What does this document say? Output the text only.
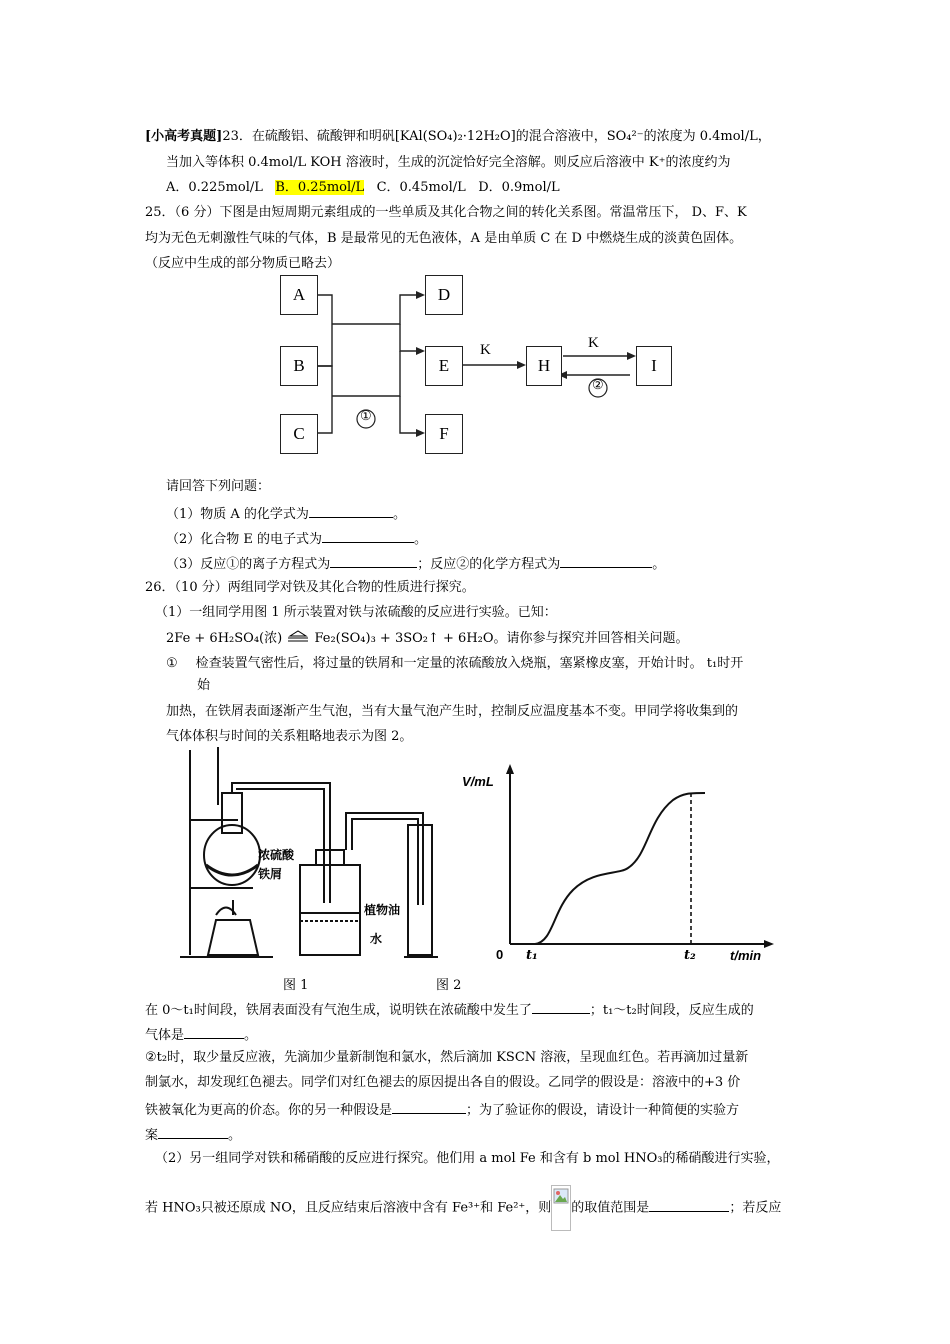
[小高考真题]23．在硫酸铝、硫酸钾和明矾[KAl(SO₄)₂·12H₂O]的混合溶液中，SO₄²⁻的浓度为 0.4mol/L，
当加入等体积 0.4mol/L KOH 溶液时，生成的沉淀恰好完全溶解。则反应后溶液中 K⁺的浓度约为
A．0.225mol/L B．0.25mol/L C．0.45mol/L D．0.9mol/L
25．（6 分）下图是由短周期元素组成的一些单质及其化合物之间的转化关系图。常温常压下， D、F、K
均为无色无刺激性气味的气体，B 是最常见的无色液体，A 是由单质 C 在 D 中燃烧生成的淡黄色固体。
（反应中生成的部分物质已略去）
A
B
C
D
E
F
H	I
K	K
①
②
请回答下列问题：
（1）物质 A 的化学式为	。
（2）化合物 E 的电子式为	。
（3）反应①的离子方程式为	；反应②的化学方程式为	。
26．（10 分）两组同学对铁及其化合物的性质进行探究。
（1）一组同学用图 1 所示装置对铁与浓硫酸的反应进行实验。已知：
2Fe + 6H₂SO₄(浓) Fe₂(SO₄)₃ + 3SO₂↑ + 6H₂O。请你参与探究并回答相关问题。
① 检查装置气密性后，将过量的铁屑和一定量的浓硫酸放入烧瓶，塞紧橡皮塞，开始计时。 t₁时开
始
加热，在铁屑表面逐渐产生气泡，当有大量气泡产生时，控制反应温度基本不变。甲同学将收集到的
气体体积与时间的关系粗略地表示为图 2。
浓硫酸
铁屑
植物油
水
V/mL
t/min
0 t₁	t₂
图 1	图 2
在 0～t₁时间段，铁屑表面没有气泡生成，说明铁在浓硫酸中发生了	；t₁～t₂时间段，反应生成的
气体是	。
②t₂时，取少量反应液，先滴加少量新制饱和氯水，然后滴加 KSCN 溶液，呈现血红色。若再滴加过量新
制氯水，却发现红色褪去。同学们对红色褪去的原因提出各自的假设。乙同学的假设是：溶液中的+3 价
铁被氧化为更高的价态。你的另一种假设是	；为了验证你的假设，请设计一种简便的实验方
案	。
（2）另一组同学对铁和稀硝酸的反应进行探究。他们用 a mol Fe 和含有 b mol HNO₃的稀硝酸进行实验，
若 HNO₃只被还原成 NO，且反应结束后溶液中含有 Fe³⁺和 Fe²⁺，则 的取值范围是	；若反应
